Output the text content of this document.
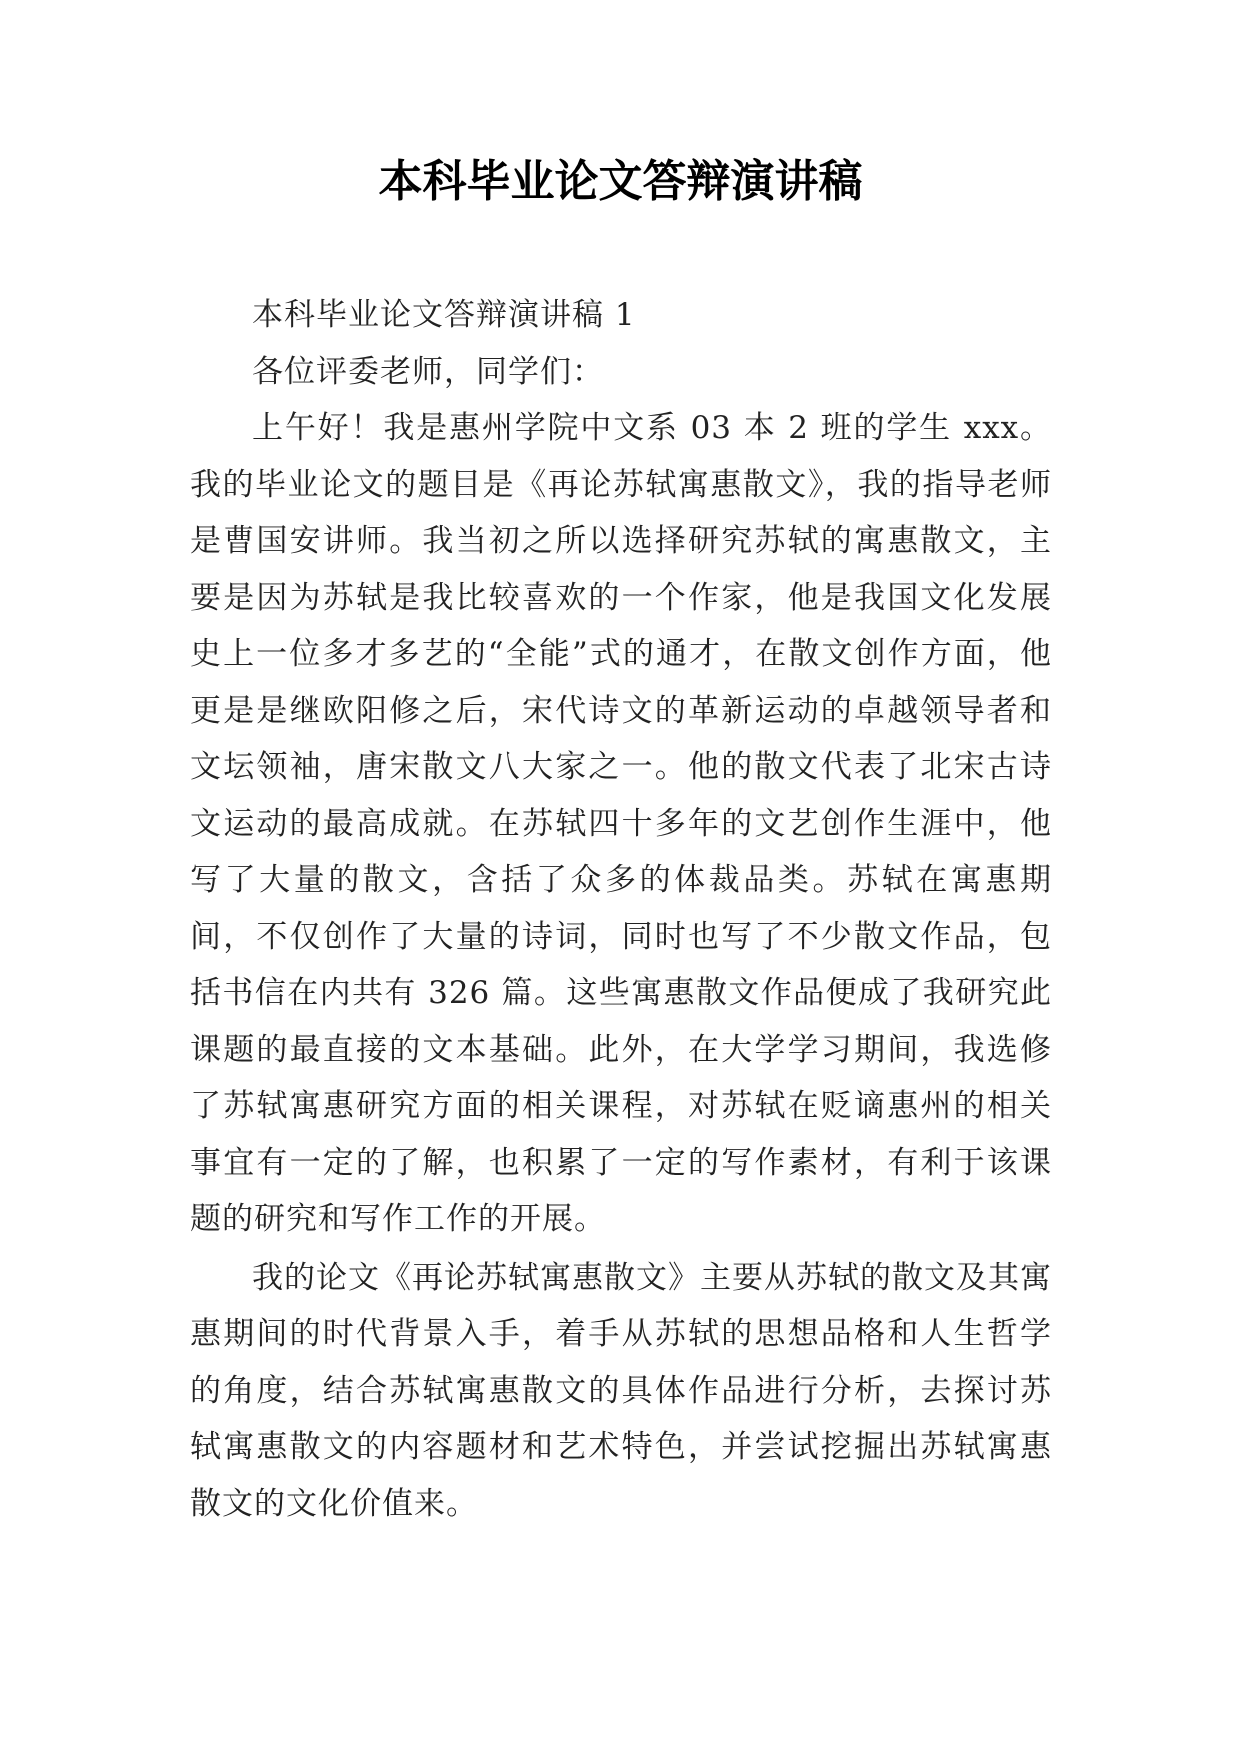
本科毕业论文答辩演讲稿

本科毕业论文答辩演讲稿 1

各位评委老师，同学们：

上午好！我是惠州学院中文系 03 本 2 班的学生 xxx。我的毕业论文的题目是《再论苏轼寓惠散文》，我的指导老师是曹国安讲师。我当初之所以选择研究苏轼的寓惠散文，主要是因为苏轼是我比较喜欢的一个作家，他是我国文化发展史上一位多才多艺的“全能”式的通才，在散文创作方面，他更是是继欧阳修之后，宋代诗文的革新运动的卓越领导者和文坛领袖，唐宋散文八大家之一。他的散文代表了北宋古诗文运动的最高成就。在苏轼四十多年的文艺创作生涯中，他写了大量的散文，含括了众多的体裁品类。苏轼在寓惠期间，不仅创作了大量的诗词，同时也写了不少散文作品，包括书信在内共有 326 篇。这些寓惠散文作品便成了我研究此课题的最直接的文本基础。此外，在大学学习期间，我选修了苏轼寓惠研究方面的相关课程，对苏轼在贬谪惠州的相关事宜有一定的了解，也积累了一定的写作素材，有利于该课题的研究和写作工作的开展。

我的论文《再论苏轼寓惠散文》主要从苏轼的散文及其寓惠期间的时代背景入手，着手从苏轼的思想品格和人生哲学的角度，结合苏轼寓惠散文的具体作品进行分析，去探讨苏轼寓惠散文的内容题材和艺术特色，并尝试挖掘出苏轼寓惠散文的文化价值来。
